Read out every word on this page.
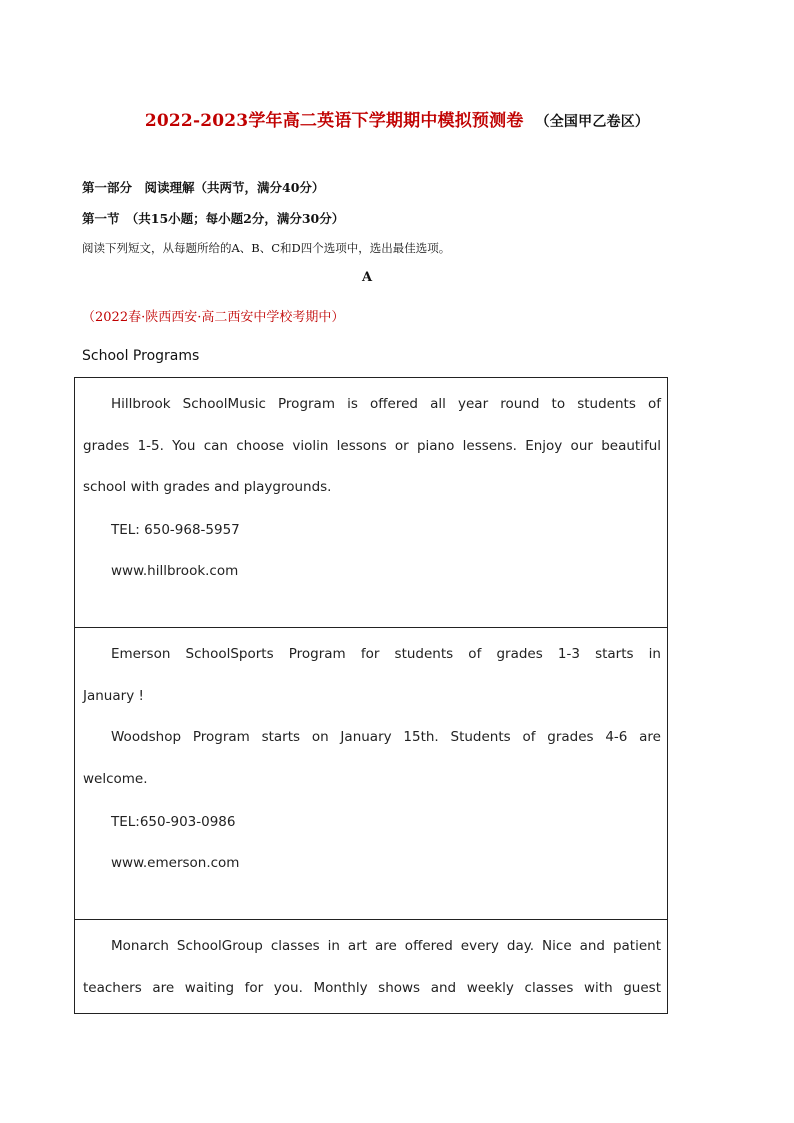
2022-2023学年高二英语下学期期中模拟预测卷 （全国甲乙卷区）
第一部分　阅读理解（共两节，满分40分）
第一节　（共15小题；每小题2分，满分30分）
阅读下列短文，从每题所给的A、B、C和D四个选项中，选出最佳选项。
A
（2022春·陕西西安·高二西安中学校考期中）
School Programs
Hillbrook SchoolMusic Program is offered all year round to students of
grades 1-5. You can choose violin lessons or piano lessens. Enjoy our beautiful
school with grades and playgrounds.
TEL: 650-968-5957
www.hillbrook.com
Emerson SchoolSports Program for students of grades 1-3 starts in
January !
Woodshop Program starts on January 15th. Students of grades 4-6 are
welcome.
TEL:650-903-0986
www.emerson.com
Monarch SchoolGroup classes in art are offered every day. Nice and patient
teachers are waiting for you. Monthly shows and weekly classes with guest
